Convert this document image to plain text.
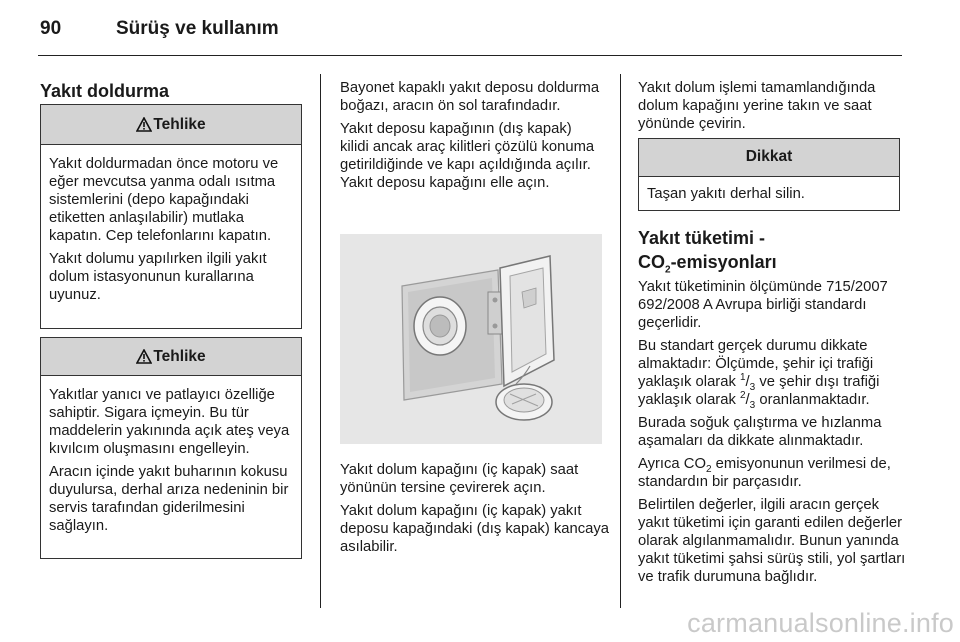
90	Sürüş ve kullanım
Yakıt doldurma
Tehlike

Yakıt doldurmadan önce motoru ve eğer mevcutsa yanma odalı ısıtma sistemlerini (depo kapağındaki etiketten anlaşılabilir) mutlaka kapatın. Cep telefonlarını kapatın.

Yakıt dolumu yapılırken ilgili yakıt dolum istasyonunun kurallarına uyunuz.

Tehlike

Yakıtlar yanıcı ve patlayıcı özelliğe sahiptir. Sigara içmeyin. Bu tür maddelerin yakınında açık ateş veya kıvılcım oluşmasını engelleyin.

Aracın içinde yakıt buharının kokusu duyulursa, derhal arıza nedeninin bir servis tarafından giderilmesini sağlayın.

Bayonet kapaklı yakıt deposu doldurma boğazı, aracın ön sol tarafındadır.

Yakıt deposu kapağının (dış kapak) kilidi ancak araç kilitleri çözülü konuma getirildiğinde ve kapı açıldığında açılır. Yakıt deposu kapağını elle açın.

Yakıt dolum kapağını (iç kapak) saat yönünün tersine çevirerek açın.

Yakıt dolum kapağını (iç kapak) yakıt deposu kapağındaki (dış kapak) kancaya asılabilir.

Yakıt dolum işlemi tamamlandığında dolum kapağını yerine takın ve saat yönünde çevirin.

Dikkat
Taşan yakıtı derhal silin.
Yakıt tüketimi -
$CO_2$-emisyonları

Yakıt tüketiminin ölçümünde 715/2007 692/2008 A Avrupa birliği standardı geçerlidir.

Bu standart gerçek durumu dikkate almaktadır: Ölçümde, şehir içi trafiği yaklaşık olarak $^1/_3$ ve şehir dışı trafiği yaklaşık olarak $^2/_3$ oranlanmaktadır.

Burada soğuk çalıştırma ve hızlanma aşamaları da dikkate alınmaktadır.

Ayrıca $CO_2$ emisyonunun verilmesi de, standardın bir parçasıdır.

Belirtilen değerler, ilgili aracın gerçek yakıt tüketimi için garanti edilen değerler olarak algılanmamalıdır. Bunun yanında yakıt tüketimi şahsi sürüş stili, yol şartları ve trafik durumuna bağlıdır.

carmanualsonline.info
